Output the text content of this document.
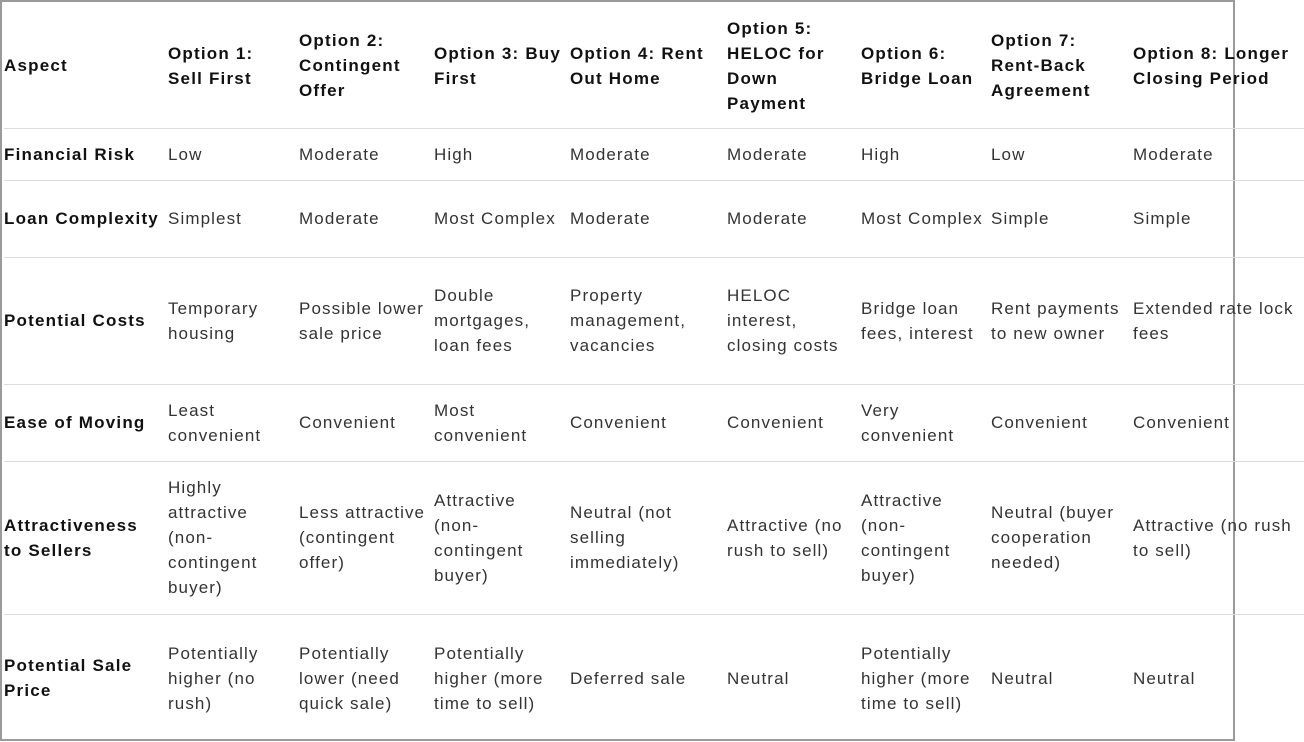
Aspect	Option 1: Sell First	Option 2: Contingent Offer	Option 3: Buy First	Option 4: Rent Out Home	Option 5: HELOC for Down Payment	Option 6: Bridge Loan	Option 7: Rent-Back Agreement	Option 8: Longer Closing Period
Financial Risk	Low	Moderate	High	Moderate	Moderate	High	Low	Moderate
Loan Complexity	Simplest	Moderate	Most Complex	Moderate	Moderate	Most Complex	Simple	Simple
Potential Costs	Temporary housing	Possible lower sale price	Double mortgages, loan fees	Property management, vacancies	HELOC interest, closing costs	Bridge loan fees, interest	Rent payments to new owner	Extended rate lock fees
Ease of Moving	Least convenient	Convenient	Most convenient	Convenient	Convenient	Very convenient	Convenient	Convenient
Attractiveness to Sellers	Highly attractive (non-contingent buyer)	Less attractive (contingent offer)	Attractive (non-contingent buyer)	Neutral (not selling immediately)	Attractive (no rush to sell)	Attractive (non-contingent buyer)	Neutral (buyer cooperation needed)	Attractive (no rush to sell)
Potential Sale Price	Potentially higher (no rush)	Potentially lower (need quick sale)	Potentially higher (more time to sell)	Deferred sale	Neutral	Potentially higher (more time to sell)	Neutral	Neutral
